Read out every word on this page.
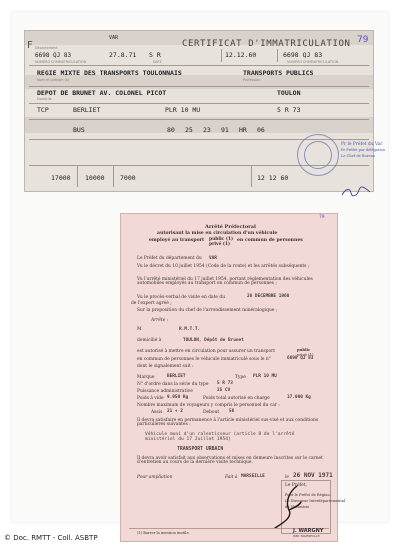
F Département
VAR
CERTIFICAT D'IMMATRICULATION 79
6698 QJ 83
NUMÉRO D'IMMATRICULATION
27.8.71 S R
DATE
12.12.60	6698 QJ 83
NUMÉRO D'IMMATRICULATION
REGIE MIXTE DES TRANSPORTS TOULONNAIS	TRANSPORTS PUBLICS
Nom et prénom (s)	Profession
DEPOT DE BRUNET AV. COLONEL PICOT	TOULON
Domicile
TCP	BERLIET	PLR 10 MU	5 R 73
BUS	80 25 23 91 HR 06
17000 10000 7000	12 12 60
Pr le Préfet du Var
Pr Préfet par délégation
Le Chef de Bureau
79
Arrêté Préfectoral
autorisant la mise en circulation d'un véhicule
employé au transport public (1)
privé (1)
en commun de personnes
Le Préfet du département du VAR
Vu le décret du 10 juillet 1954 (Code de la route) et les arrêtés subséquents ;
Vu l'arrêté ministériel du 17 juillet 1954, portant réglementation des véhicules automobiles employés au transport en commun de personnes ;
Vu le procès-verbal de visite en date du	28 DECEMBRE 1960
de l'expert agréé ;
Sur la proposition du chef de l'arrondissement minéralogique ;
Arrête :
M	R.M.T.T.
domicilié à	TOULON, Dépôt de Brunet
est autorisé à mettre en circulation pour assurer un transport	public
privé (1)
en commun de personnes le véhicule immatriculé sous le n°	6698 QJ 83
dont le signalement suit :
Marque	BERLIET	Type PLR 10 MU
N° d'ordre dans la série du type 5 R 73
Puissance administrative	25 CV
Poids à vide 9.950 Kg	Poids total autorisé en charge	17.000 Kg
Nombre maximum de voyageurs y compris le personnel du car :
Assis 21 + 2	Debout 56
Il devra satisfaire en permanence à l'article ministériel sus-visé et aux conditions particulières suivantes :
Véhicule muni d'un ralentisseur (article 8 de l'arrêté ministériel du 17 Juillet 1954)
TRANSPORT URBAIN
Il devra avoir satisfait aux observations et mises en demeure inscrites sur le carnet d'entretien au cours de la dernière visite technique.
Pour ampliation	Fait à MARSEILLE	le 26 NOV 1971
Le Préfet,
Pour le Préfet de Région,
Le Directeur Interdépartemental
de l'Industrie
(1) Barrer la mention inutile.	J. WARGNY
IMP. MARSEILLE
© Doc. RMTT - Coll. ASBTP
